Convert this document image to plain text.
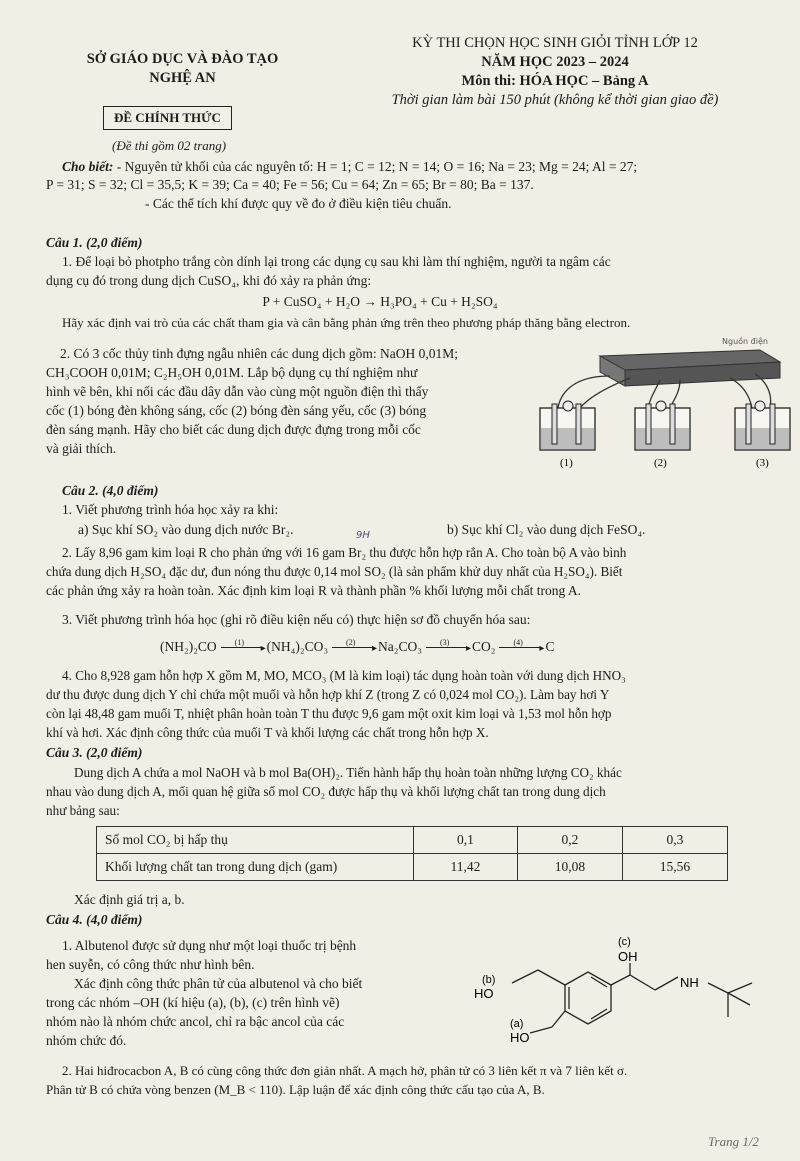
SỞ GIÁO DỤC VÀ ĐÀO TẠO
NGHỆ AN
ĐỀ CHÍNH THỨC
(Đề thi gồm 02 trang)
KỲ THI CHỌN HỌC SINH GIỎI TỈNH LỚP 12
NĂM HỌC 2023 – 2024
Môn thi: HÓA HỌC – Bảng A
Thời gian làm bài 150 phút (không kể thời gian giao đề)
Cho biết: - Nguyên tử khối của các nguyên tố: H = 1; C = 12; N = 14; O = 16; Na = 23; Mg = 24; Al = 27;
P = 31; S = 32; Cl = 35,5; K = 39; Ca = 40; Fe = 56; Cu = 64; Zn = 65; Br = 80; Ba = 137.
- Các thể tích khí được quy về đo ở điều kiện tiêu chuẩn.
Câu 1. (2,0 điểm)
1. Để loại bỏ photpho trắng còn dính lại trong các dụng cụ sau khi làm thí nghiệm, người ta ngâm các
dụng cụ đó trong dung dịch CuSO₄, khi đó xảy ra phản ứng:
P + CuSO₄ + H₂O → H₃PO₄ + Cu + H₂SO₄
Hãy xác định vai trò của các chất tham gia và cân bằng phản ứng trên theo phương pháp thăng bằng electron.
2. Có 3 cốc thủy tinh đựng ngẫu nhiên các dung dịch gồm: NaOH 0,01M;
CH₃COOH 0,01M; C₂H₅OH 0,01M. Lắp bộ dụng cụ thí nghiệm như
hình vẽ bên, khi nối các đầu dây dẫn vào cùng một nguồn điện thì thấy
cốc (1) bóng đèn không sáng, cốc (2) bóng đèn sáng yếu, cốc (3) bóng
đèn sáng mạnh. Hãy cho biết các dung dịch được đựng trong mỗi cốc
và giải thích.
Nguồn điện
(1)	(2)	(3)
Câu 2. (4,0 điểm)
1. Viết phương trình hóa học xảy ra khi:
a) Sục khí SO₂ vào dung dịch nước Br₂.	b) Sục khí Cl₂ vào dung dịch FeSO₄.
9H
2. Lấy 8,96 gam kim loại R cho phản ứng với 16 gam Br₂ thu được hỗn hợp rắn A. Cho toàn bộ A vào bình
chứa dung dịch H₂SO₄ đặc dư, đun nóng thu được 0,14 mol SO₂ (là sản phẩm khử duy nhất của H₂SO₄). Biết
các phản ứng xảy ra hoàn toàn. Xác định kim loại R và thành phần % khối lượng mỗi chất trong A.
3. Viết phương trình hóa học (ghi rõ điều kiện nếu có) thực hiện sơ đồ chuyển hóa sau:
(NH₂)₂CO (1)
▸ (NH₄)₂CO₃ (2)
▸ Na₂CO₃ (3)
▸ CO₂ (4)
▸ C
4. Cho 8,928 gam hỗn hợp X gồm M, MO, MCO₃ (M là kim loại) tác dụng hoàn toàn với dung dịch HNO₃
dư thu được dung dịch Y chỉ chứa một muối và hỗn hợp khí Z (trong Z có 0,024 mol CO₂). Làm bay hơi Y
còn lại 48,48 gam muối T, nhiệt phân hoàn toàn T thu được 9,6 gam một oxit kim loại và 1,53 mol hỗn hợp
khí và hơi. Xác định công thức của muối T và khối lượng các chất trong hỗn hợp X.
Câu 3. (2,0 điểm)
Dung dịch A chứa a mol NaOH và b mol Ba(OH)₂. Tiến hành hấp thụ hoàn toàn những lượng CO₂ khác
nhau vào dung dịch A, mối quan hệ giữa số mol CO₂ được hấp thụ và khối lượng chất tan trong dung dịch
như bảng sau:
Số mol CO₂ bị hấp thụ	0,1	0,2	0,3
Khối lượng chất tan trong dung dịch (gam)	11,42	10,08	15,56
Xác định giá trị a, b.
Câu 4. (4,0 điểm)
1. Albutenol được sử dụng như một loại thuốc trị bệnh
hen suyễn, có công thức như hình bên.
Xác định công thức phân tử của albutenol và cho biết
trong các nhóm –OH (kí hiệu (a), (b), (c) trên hình vẽ)
nhóm nào là nhóm chức ancol, chỉ ra bậc ancol của các
nhóm chức đó.
(c)
OH
(b)
HO
(a)
HO
NH
2. Hai hiđrocacbon A, B có cùng công thức đơn giản nhất. A mạch hở, phân tử có 3 liên kết π và 7 liên kết σ.
Phân tử B có chứa vòng benzen (M_B < 110). Lập luận để xác định công thức cấu tạo của A, B.
Trang 1/2
